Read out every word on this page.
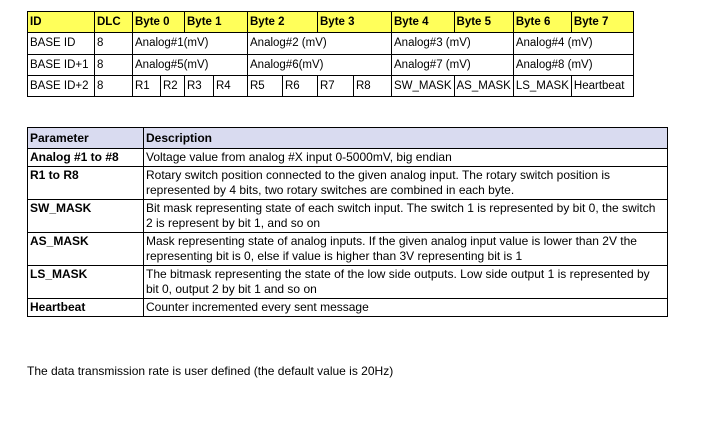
ID	DLC	Byte 0		Byte 1		Byte 2		Byte 3		Byte 4	Byte 5	Byte 6	Byte 7
BASE ID	8	Analog#1(mV)				Analog#2 (mV)				Analog#3 (mV)		Analog#4 (mV)	
BASE ID+1	8	Analog#5(mV)				Analog#6(mV)				Analog#7 (mV)		Analog#8 (mV)	
BASE ID+2	8	R1	R2	R3	R4	R5	R6	R7	R8	SW_MASK	AS_MASK	LS_MASK	Heartbeat
Parameter	Description
Analog #1 to #8	Voltage value from analog #X input 0-5000mV, big endian
R1 to R8	Rotary switch position connected to the given analog input. The rotary switch position is represented by 4 bits, two rotary switches are combined in each byte.
SW_MASK	Bit mask representing state of each switch input. The switch 1 is represented by bit 0, the switch 2 is represent by bit 1, and so on
AS_MASK	Mask representing state of analog inputs. If the given analog input value is lower than 2V the representing bit is 0, else if value is higher than 3V representing bit is 1
LS_MASK	The bitmask representing the state of the low side outputs. Low side output 1 is represented by bit 0, output 2 by bit 1 and so on
Heartbeat	Counter incremented every sent message
The data transmission rate is user defined (the default value is 20Hz)
